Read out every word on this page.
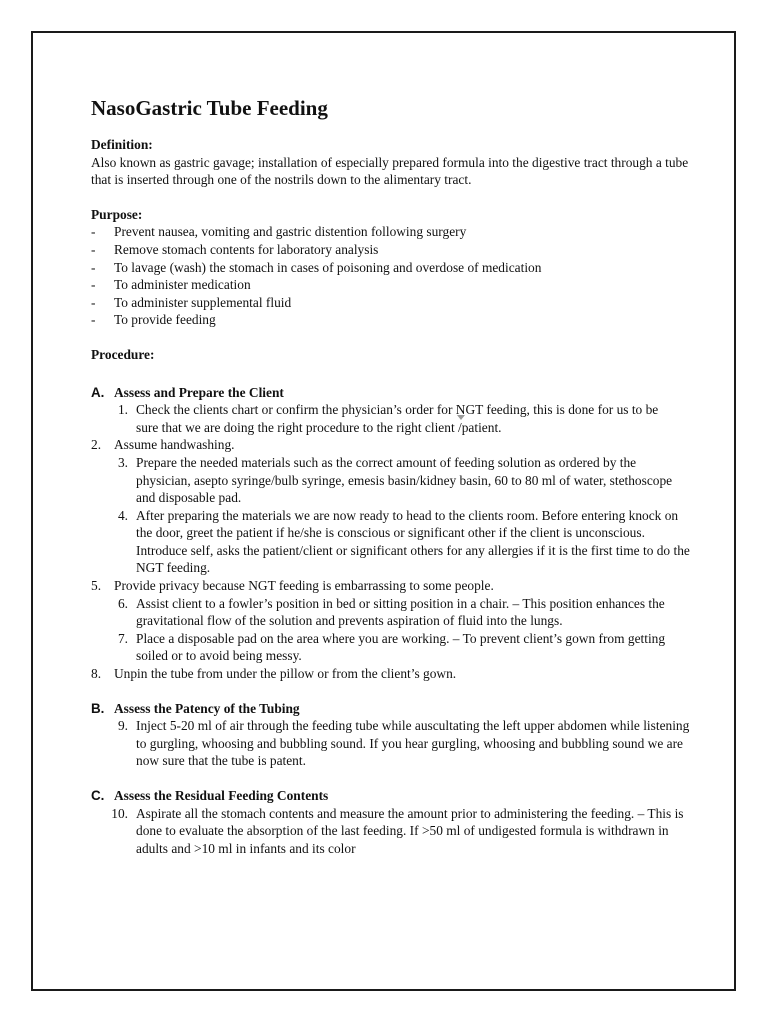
NasoGastric Tube Feeding

Definition:

Also known as gastric gavage; installation of especially prepared formula into the digestive tract through a tube that is inserted through one of the nostrils down to the alimentary tract.

Purpose:

- Prevent nausea, vomiting and gastric distention following surgery
- Remove stomach contents for laboratory analysis
- To lavage (wash) the stomach in cases of poisoning and overdose of medication
- To administer medication
- To administer supplemental fluid
- To provide feeding

Procedure:

A. Assess and Prepare the Client
1. Check the clients chart or confirm the physician’s order for NGT feeding, this is done for us to be sure that we are doing the right procedure to the right client /patient.
2. Assume handwashing.
3. Prepare the needed materials such as the correct amount of feeding solution as ordered by the physician, asepto syringe/bulb syringe, emesis basin/kidney basin, 60 to 80 ml of water, stethoscope and disposable pad.
4. After preparing the materials we are now ready to head to the clients room. Before entering knock on the door, greet the patient if he/she is conscious or significant other if the client is unconscious. Introduce self, asks the patient/client or significant others for any allergies if it is the first time to do the NGT feeding.
5. Provide privacy because NGT feeding is embarrassing to some people.
6. Assist client to a fowler’s position in bed or sitting position in a chair. – This position enhances the gravitational flow of the solution and prevents aspiration of fluid into the lungs.
7. Place a disposable pad on the area where you are working. – To prevent client’s gown from getting soiled or to avoid being messy.
8. Unpin the tube from under the pillow or from the client’s gown.
B. Assess the Patency of the Tubing
9. Inject 5-20 ml of air through the feeding tube while auscultating the left upper abdomen while listening to gurgling, whoosing and bubbling sound. If you hear gurgling, whoosing and bubbling sound we are now sure that the tube is patent.
C. Assess the Residual Feeding Contents
10. Aspirate all the stomach contents and measure the amount prior to administering the feeding. – This is done to evaluate the absorption of the last feeding. If >50 ml of undigested formula is withdrawn in adults and >10 ml in infants and its color
